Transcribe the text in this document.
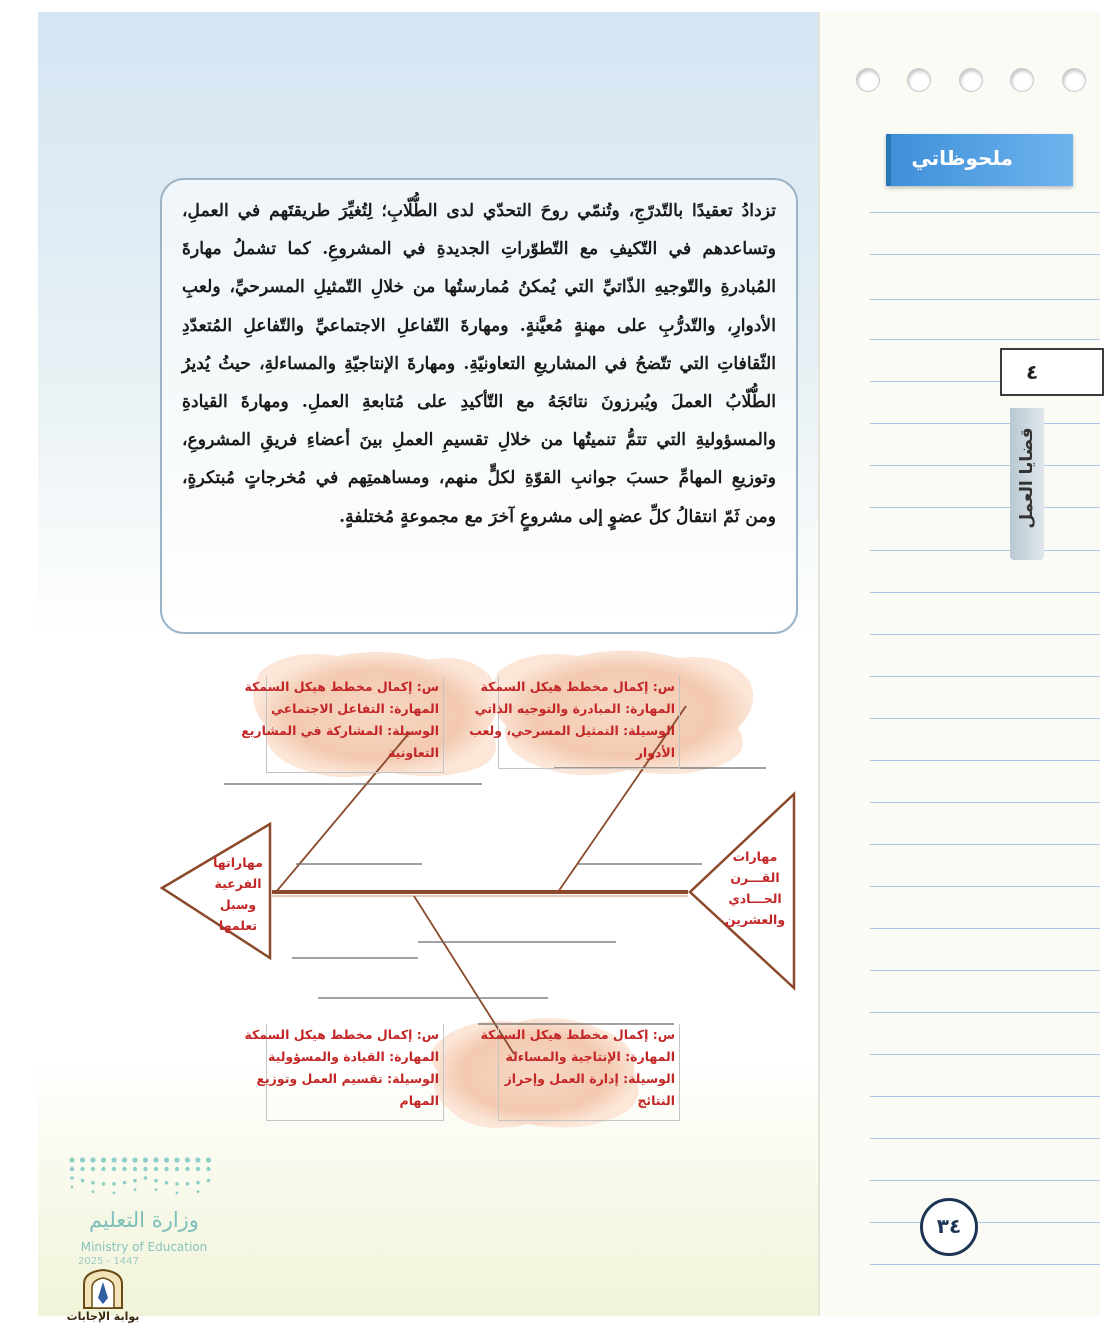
ملحوظاتي
٤
قضايا العمل
٣٤

تزدادُ تعقيدًا بالتّدرّجِ، وتُنمّي روحَ التحدّي لدى الطُّلّابِ؛ لِتُغيِّرَ طريقتَهم في العملِ، وتساعدهم في التّكيفِ مع التّطوّراتِ الجديدةِ في المشروعِ. كما تشملُ مهارةَ المُبادرةِ والتّوجيهِ الذّاتيِّ التي يُمكنُ مُمارستُها من خلالِ التّمثيلِ المسرحيِّ، ولعبِ الأدوارِ، والتّدرُّبِ على مهنةٍ مُعيَّنةٍ. ومهارةَ التّفاعلِ الاجتماعيِّ والتّفاعلِ المُتعدّدِ الثّقافاتِ التي تتّضحُ في المشاريعِ التعاونيّةِ. ومهارةَ الإنتاجيّةِ والمساءلةِ، حيثُ يُديرُ الطُّلّابُ العملَ ويُبرزونَ نتائجَهُ مع التّأكيدِ على مُتابعةِ العملِ. ومهارةَ القيادةِ والمسؤوليةِ التي تتمُّ تنميتُها من خلالِ تقسيمِ العملِ بينَ أعضاءِ فريقِ المشروعِ، وتوزيعِ المهامِّ حسبَ جوانبِ القوّةِ لكلٍّ منهم، ومساهمتِهم في مُخرجاتٍ مُبتكرةٍ، ومن ثَمّ انتقالُ كلِّ عضوٍ إلى مشروعٍ آخرَ مع مجموعةٍ مُختلفةٍ.

س: إكمال مخطط هيكل السمكة
المهارة: المبادرة والتوجيه الذاتي
الوسيلة: التمثيل المسرحي، ولعب
الأدوار
س: إكمال مخطط هيكل السمكة
المهارة: التفاعل الاجتماعي
الوسيلة: المشاركة في المشاريع
التعاونية
س: إكمال مخطط هيكل السمكة
المهارة: الإنتاجية والمساءلة
الوسيلة: إدارة العمل وإحراز
النتائج
س: إكمال مخطط هيكل السمكة
المهارة: القيادة والمسؤولية
الوسيلة: تقسيم العمل وتوزيع
المهام
مهارات
القـــرن
الحـــادي
والعشرين
مهاراتها
الفرعية
وسبل
تعلمها
وزارة التعليم
Ministry of Education
2025 - 1447
بوابة الإجابات
